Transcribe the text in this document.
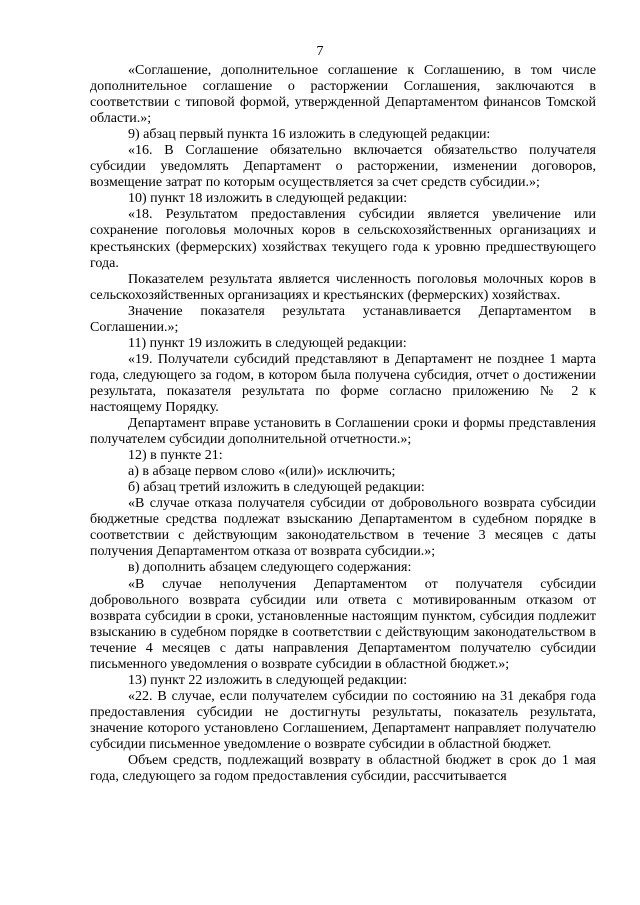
7

«Соглашение, дополнительное соглашение к Соглашению, в том числе дополнительное соглашение о расторжении Соглашения, заключаются в соответствии с типовой формой, утвержденной Департаментом финансов Томской области.»;

9) абзац первый пункта 16 изложить в следующей редакции:

«16. В Соглашение обязательно включается обязательство получателя субсидии уведомлять Департамент о расторжении, изменении договоров, возмещение затрат по которым осуществляется за счет средств субсидии.»;

10) пункт 18 изложить в следующей редакции:

«18. Результатом предоставления субсидии является увеличение или сохранение поголовья молочных коров в сельскохозяйственных организациях и крестьянских (фермерских) хозяйствах текущего года к уровню предшествующего года.

Показателем результата является численность поголовья молочных коров в сельскохозяйственных организациях и крестьянских (фермерских) хозяйствах.

Значение показателя результата устанавливается Департаментом в Соглашении.»;

11) пункт 19 изложить в следующей редакции:

«19. Получатели субсидий представляют в Департамент не позднее 1 марта года, следующего за годом, в котором была получена субсидия, отчет о достижении результата, показателя результата по форме согласно приложению № 2 к настоящему Порядку.

Департамент вправе установить в Соглашении сроки и формы представления получателем субсидии дополнительной отчетности.»;

12) в пункте 21:

а) в абзаце первом слово «(или)» исключить;

б) абзац третий изложить в следующей редакции:

«В случае отказа получателя субсидии от добровольного возврата субсидии бюджетные средства подлежат взысканию Департаментом в судебном порядке в соответствии с действующим законодательством в течение 3 месяцев с даты получения Департаментом отказа от возврата субсидии.»;

в) дополнить абзацем следующего содержания:

«В случае неполучения Департаментом от получателя субсидии добровольного возврата субсидии или ответа с мотивированным отказом от возврата субсидии в сроки, установленные настоящим пунктом, субсидия подлежит взысканию в судебном порядке в соответствии с действующим законодательством в течение 4 месяцев с даты направления Департаментом получателю субсидии письменного уведомления о возврате субсидии в областной бюджет.»;

13) пункт 22 изложить в следующей редакции:

«22. В случае, если получателем субсидии по состоянию на 31 декабря года предоставления субсидии не достигнуты результаты, показатель результата, значение которого установлено Соглашением, Департамент направляет получателю субсидии письменное уведомление о возврате субсидии в областной бюджет.

Объем средств, подлежащий возврату в областной бюджет в срок до 1 мая года, следующего за годом предоставления субсидии, рассчитывается
